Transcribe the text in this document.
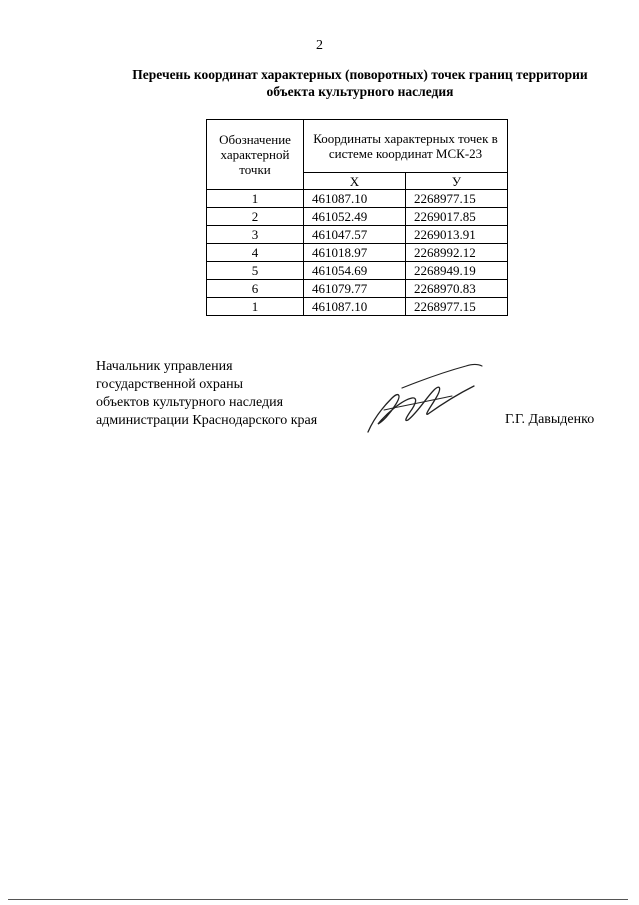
2
Перечень координат характерных (поворотных) точек границ территории
объекта культурного наследия
Обозначение характерной точки	Координаты характерных точек в системе координат МСК-23	
	Х	У
1	461087.10	2268977.15
2	461052.49	2269017.85
3	461047.57	2269013.91
4	461018.97	2268992.12
5	461054.69	2268949.19
6	461079.77	2268970.83
1	461087.10	2268977.15
Начальник управления
государственной охраны
объектов культурного наследия
администрации Краснодарского края	Г.Г. Давыденко
